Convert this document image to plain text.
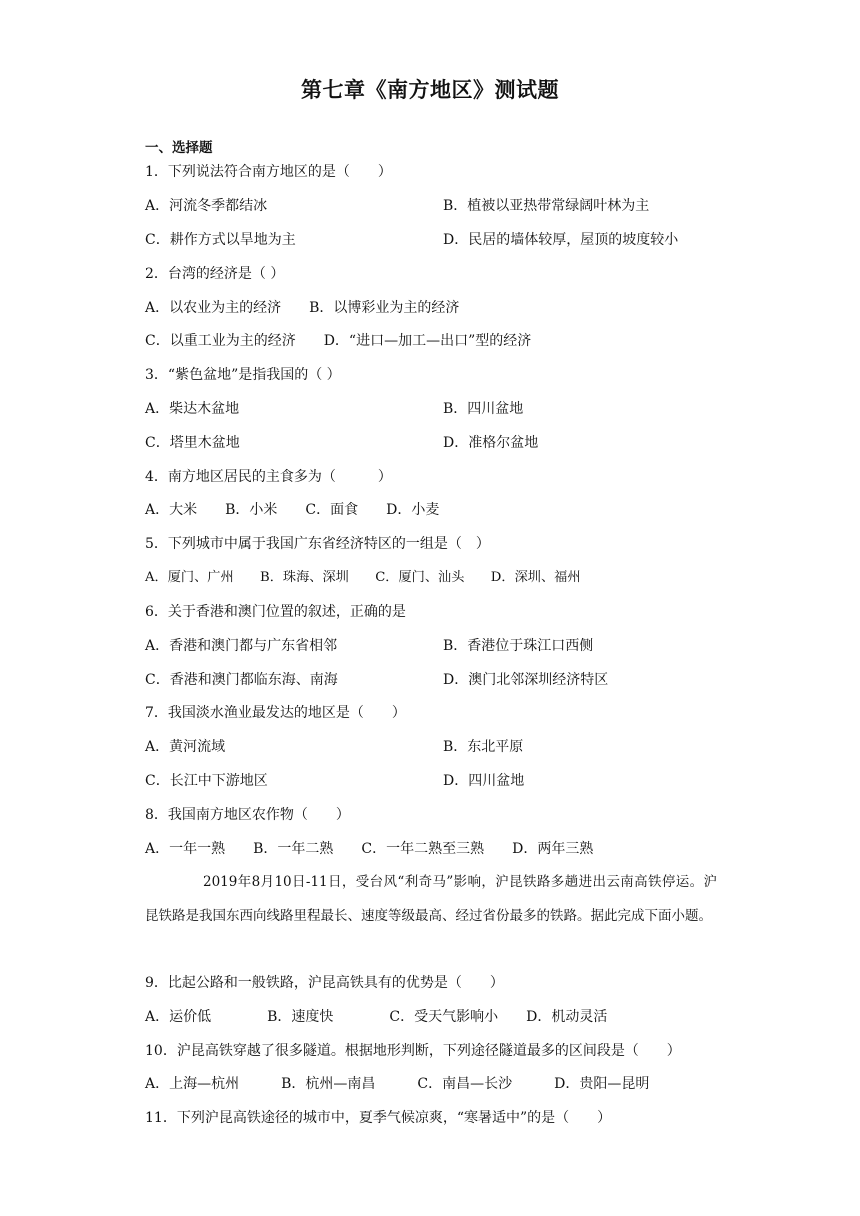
第七章《南方地区》测试题
一、选择题
1．下列说法符合南方地区的是（　　）
A．河流冬季都结冰	B．植被以亚热带常绿阔叶林为主
C．耕作方式以旱地为主	D．民居的墙体较厚，屋顶的坡度较小
2．台湾的经济是（ ）
A．以农业为主的经济　　B．以博彩业为主的经济
C．以重工业为主的经济　　D．“进口—加工—出口”型的经济
3．“紫色盆地”是指我国的（ ）
A．柴达木盆地	B．四川盆地
C．塔里木盆地	D．准格尔盆地
4．南方地区居民的主食多为（　　　）
A．大米　　B．小米　　C．面食　　D．小麦
5．下列城市中属于我国广东省经济特区的一组是（　）
A．厦门、广州　　B．珠海、深圳　　C．厦门、汕头　　D．深圳、福州
6．关于香港和澳门位置的叙述，正确的是
A．香港和澳门都与广东省相邻	B．香港位于珠江口西侧
C．香港和澳门都临东海、南海	D．澳门北邻深圳经济特区
7．我国淡水渔业最发达的地区是（　　）
A．黄河流域	B．东北平原
C．长江中下游地区	D．四川盆地
8．我国南方地区农作物（　　）
A．一年一熟　　B．一年二熟　　C．一年二熟至三熟　　D．两年三熟
2019年8月10日-11日，受台风“利奇马”影响，沪昆铁路多趟进出云南高铁停运。沪昆铁路是我国东西向线路里程最长、速度等级最高、经过省份最多的铁路。据此完成下面小题。
9．比起公路和一般铁路，沪昆高铁具有的优势是（　　）
A．运价低　　　　B．速度快　　　　C．受天气影响小　　D．机动灵活
10．沪昆高铁穿越了很多隧道。根据地形判断，下列途径隧道最多的区间段是（　　）
A．上海—杭州　　　B．杭州—南昌　　　C．南昌—长沙　　　D．贵阳—昆明
11．下列沪昆高铁途径的城市中，夏季气候凉爽，“寒暑适中”的是（　　）
